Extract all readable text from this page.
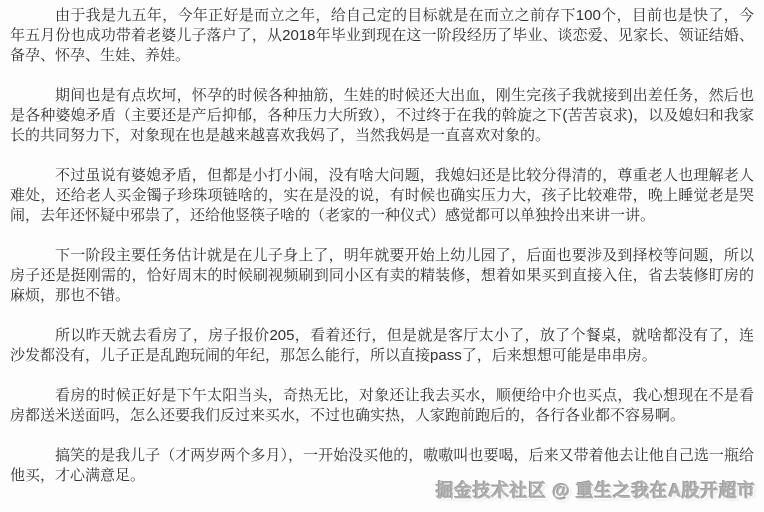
由于我是九五年，今年正好是而立之年，给自己定的目标就是在而立之前存下100个，目前也是快了，今年五月份也成功带着老婆儿子落户了，从2018年毕业到现在这一阶段经历了毕业、谈恋爱、见家长、领证结婚、备孕、怀孕、生娃、养娃。

期间也是有点坎坷，怀孕的时候各种抽筋，生娃的时候还大出血，刚生完孩子我就接到出差任务，然后也是各种婆媳矛盾（主要还是产后抑郁，各种压力大所致），不过终于在我的斡旋之下(苦苦哀求)，以及媳妇和我家长的共同努力下，对象现在也是越来越喜欢我妈了，当然我妈是一直喜欢对象的。

不过虽说有婆媳矛盾，但都是小打小闹，没有啥大问题，我媳妇还是比较分得清的，尊重老人也理解老人难处，还给老人买金镯子珍珠项链啥的，实在是没的说，有时候也确实压力大，孩子比较难带，晚上睡觉老是哭闹，去年还怀疑中邪祟了，还给他竖筷子啥的（老家的一种仪式）感觉都可以单独拎出来讲一讲。

下一阶段主要任务估计就是在儿子身上了，明年就要开始上幼儿园了，后面也要涉及到择校等问题，所以房子还是挺刚需的，恰好周末的时候刷视频刷到同小区有卖的精装修，想着如果买到直接入住，省去装修盯房的麻烦，那也不错。

所以昨天就去看房了，房子报价205，看着还行，但是就是客厅太小了，放了个餐桌，就啥都没有了，连沙发都没有，儿子正是乱跑玩闹的年纪，那怎么能行，所以直接pass了，后来想想可能是串串房。

看房的时候正好是下午太阳当头，奇热无比，对象还让我去买水，顺便给中介也买点，我心想现在不是看房都送米送面吗，怎么还要我们反过来买水，不过也确实热，人家跑前跑后的，各行各业都不容易啊。

搞笑的是我儿子（才两岁两个多月），一开始没买他的，嗷嗷叫也要喝，后来又带着他去让他自己选一瓶给他买，才心满意足。

掘金技术社区 @ 重生之我在A股开超市
